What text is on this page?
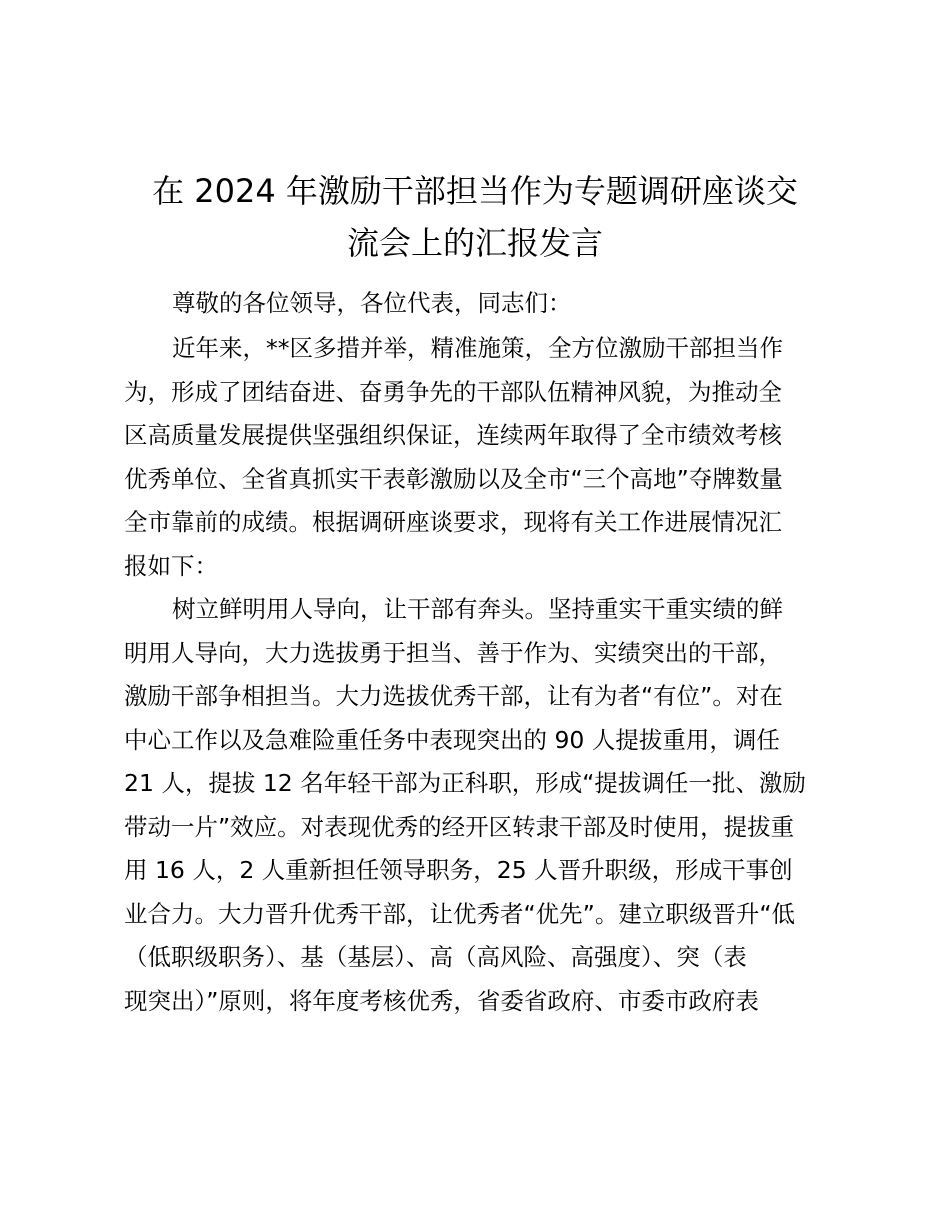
在 2024 年激励干部担当作为专题调研座谈交
流会上的汇报发言
尊敬的各位领导，各位代表，同志们：
近年来，**区多措并举，精准施策，全方位激励干部担当作
为，形成了团结奋进、奋勇争先的干部队伍精神风貌，为推动全
区高质量发展提供坚强组织保证，连续两年取得了全市绩效考核
优秀单位、全省真抓实干表彰激励以及全市“三个高地”夺牌数量
全市靠前的成绩。根据调研座谈要求，现将有关工作进展情况汇
报如下：
树立鲜明用人导向，让干部有奔头。坚持重实干重实绩的鲜
明用人导向，大力选拔勇于担当、善于作为、实绩突出的干部，
激励干部争相担当。大力选拔优秀干部，让有为者“有位”。对在
中心工作以及急难险重任务中表现突出的 90 人提拔重用，调任
21 人，提拔 12 名年轻干部为正科职，形成“提拔调任一批、激励
带动一片”效应。对表现优秀的经开区转隶干部及时使用，提拔重
用 16 人，2 人重新担任领导职务，25 人晋升职级，形成干事创
业合力。大力晋升优秀干部，让优秀者“优先”。建立职级晋升“低
（低职级职务）、基（基层）、高（高风险、高强度）、突（表
现突出）”原则，将年度考核优秀，省委省政府、市委市政府表
